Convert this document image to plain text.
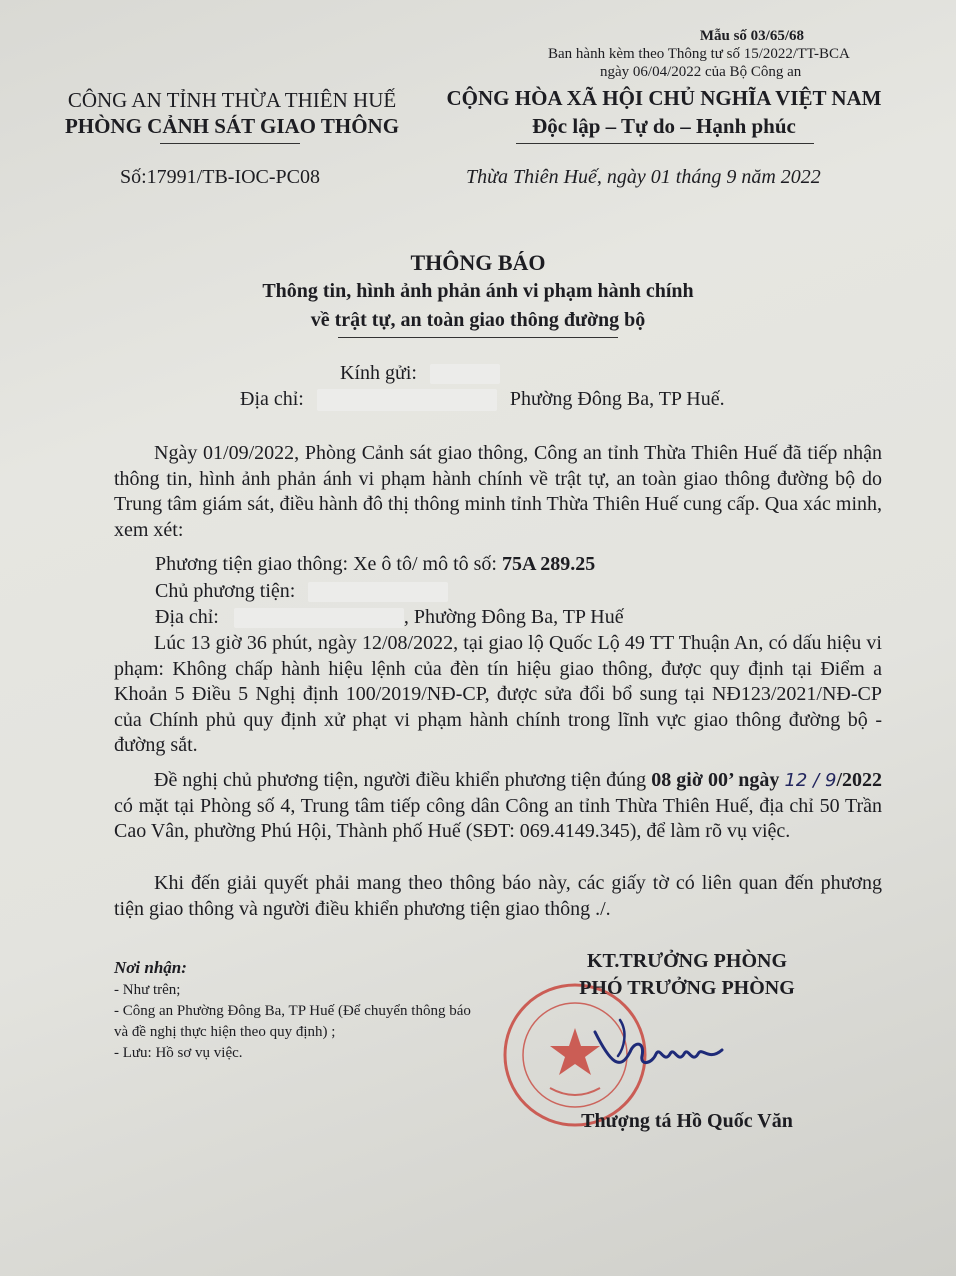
Mẫu số 03/65/68
Ban hành kèm theo Thông tư số 15/2022/TT-BCA
ngày 06/04/2022 của Bộ Công an
CÔNG AN TỈNH THỪA THIÊN HUẾ
PHÒNG CẢNH SÁT GIAO THÔNG
Số:17991/TB-IOC-PC08
CỘNG HÒA XÃ HỘI CHỦ NGHĨA VIỆT NAM
Độc lập – Tự do – Hạnh phúc
Thừa Thiên Huế, ngày 01 tháng 9 năm 2022
THÔNG BÁO
Thông tin, hình ảnh phản ánh vi phạm hành chính
về trật tự, an toàn giao thông đường bộ
Kính gửi:
Địa chỉ:	Phường Đông Ba, TP Huế.
Ngày 01/09/2022, Phòng Cảnh sát giao thông, Công an tỉnh Thừa Thiên Huế đã tiếp nhận thông tin, hình ảnh phản ánh vi phạm hành chính về trật tự, an toàn giao thông đường bộ do Trung tâm giám sát, điều hành đô thị thông minh tỉnh Thừa Thiên Huế cung cấp. Qua xác minh, xem xét:
Phương tiện giao thông: Xe ô tô/ mô tô số: 75A 289.25
Chủ phương tiện:
Địa chỉ:	, Phường Đông Ba, TP Huế
Lúc 13 giờ 36 phút, ngày 12/08/2022, tại giao lộ Quốc Lộ 49 TT Thuận An, có dấu hiệu vi phạm: Không chấp hành hiệu lệnh của đèn tín hiệu giao thông, được quy định tại Điểm a Khoản 5 Điều 5 Nghị định 100/2019/NĐ-CP, được sửa đổi bổ sung tại NĐ123/2021/NĐ-CP của Chính phủ quy định xử phạt vi phạm hành chính trong lĩnh vực giao thông đường bộ - đường sắt.
Đề nghị chủ phương tiện, người điều khiển phương tiện đúng 08 giờ 00’ ngày 12 / 9/2022 có mặt tại Phòng số 4, Trung tâm tiếp công dân Công an tỉnh Thừa Thiên Huế, địa chỉ 50 Trần Cao Vân, phường Phú Hội, Thành phố Huế (SĐT: 069.4149.345), để làm rõ vụ việc.
Khi đến giải quyết phải mang theo thông báo này, các giấy tờ có liên quan đến phương tiện giao thông và người điều khiển phương tiện giao thông ./.
Nơi nhận:
- Như trên;
- Công an Phường Đông Ba, TP Huế (Để chuyển thông báo và đề nghị thực hiện theo quy định) ;
- Lưu: Hồ sơ vụ việc.
KT.TRƯỞNG PHÒNG
PHÓ TRƯỞNG PHÒNG
Thượng tá Hồ Quốc Văn
